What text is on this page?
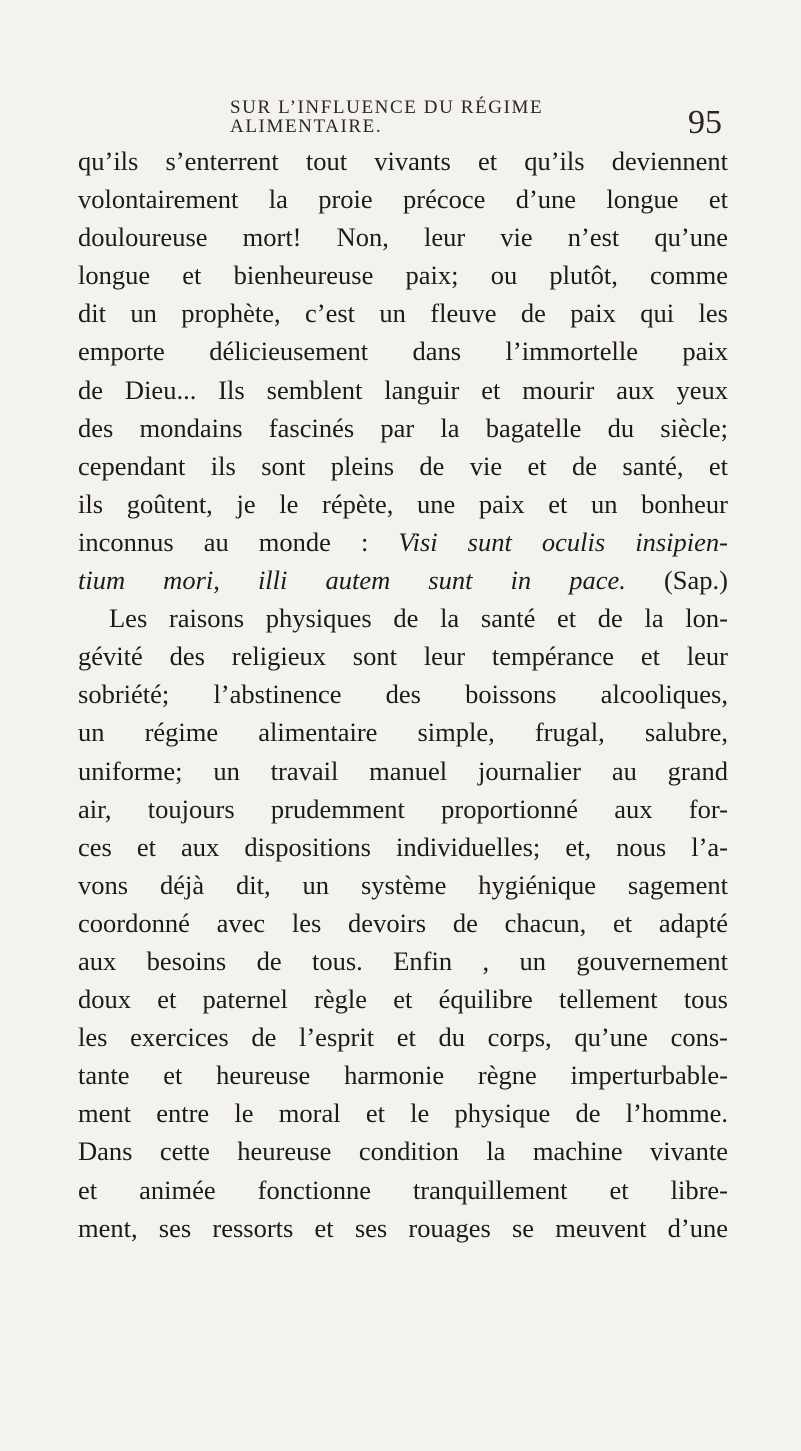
SUR L’INFLUENCE DU RÉGIME ALIMENTAIRE.	95
qu’ils s’enterrent tout vivants et qu’ils deviennent
volontairement la proie précoce d’une longue et
douloureuse mort! Non, leur vie n’est qu’une
longue et bienheureuse paix; ou plutôt, comme
dit un prophète, c’est un fleuve de paix qui les
emporte délicieusement dans l’immortelle paix
de Dieu... Ils semblent languir et mourir aux yeux
des mondains fascinés par la bagatelle du siècle;
cependant ils sont pleins de vie et de santé, et
ils goûtent, je le répète, une paix et un bonheur
inconnus au monde : Visi sunt oculis insipien-
tium mori, illi autem sunt in pace. (Sap.)
Les raisons physiques de la santé et de la lon-
gévité des religieux sont leur tempérance et leur
sobriété; l’abstinence des boissons alcooliques,
un régime alimentaire simple, frugal, salubre,
uniforme; un travail manuel journalier au grand
air, toujours prudemment proportionné aux for-
ces et aux dispositions individuelles; et, nous l’a-
vons déjà dit, un système hygiénique sagement
coordonné avec les devoirs de chacun, et adapté
aux besoins de tous. Enfin , un gouvernement
doux et paternel règle et équilibre tellement tous
les exercices de l’esprit et du corps, qu’une cons-
tante et heureuse harmonie règne imperturbable-
ment entre le moral et le physique de l’homme.
Dans cette heureuse condition la machine vivante
et animée fonctionne tranquillement et libre-
ment, ses ressorts et ses rouages se meuvent d’une
